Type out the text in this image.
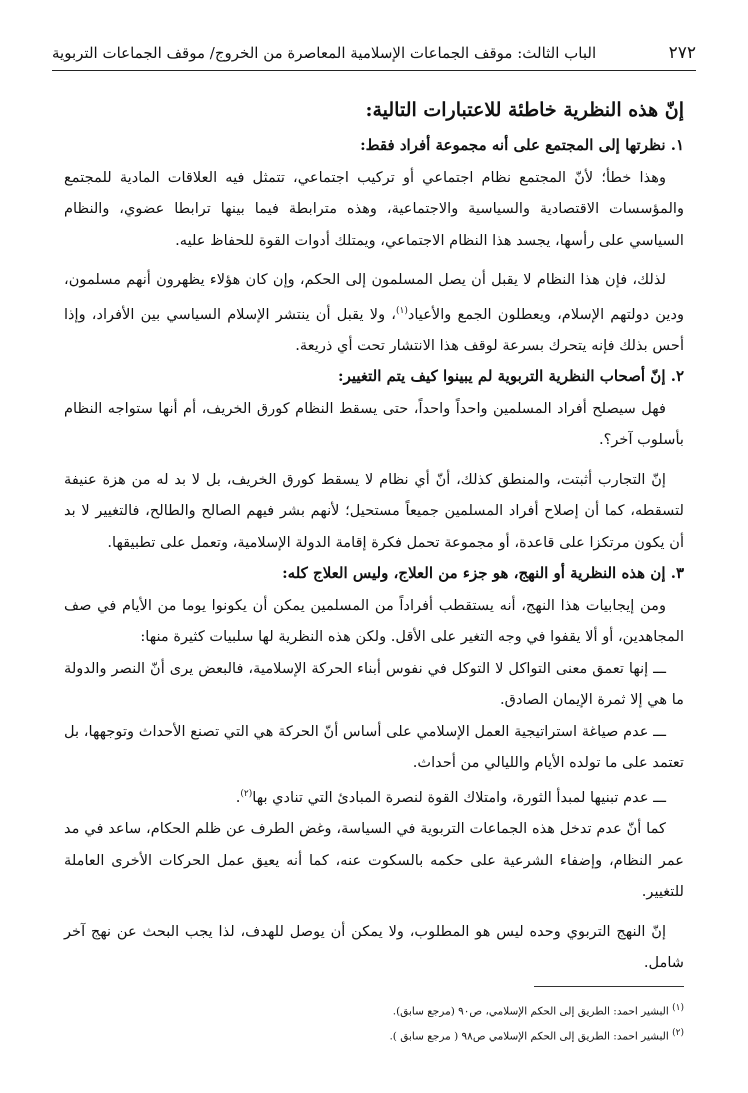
٢٧٢
الباب الثالث: موقف الجماعات الإسلامية المعاصرة من الخروج/ موقف الجماعات التربوية

إنّ هذه النظرية خاطئة للاعتبارات التالية:

١. نظرتها إلى المجتمع على أنه مجموعة أفراد فقط:

وهذا خطأ؛ لأنّ المجتمع نظام اجتماعي أو تركيب اجتماعي، تتمثل فيه العلاقات المادية للمجتمع والمؤسسات الاقتصادية والسياسية والاجتماعية، وهذه مترابطة فيما بينها ترابطا عضوي، والنظام السياسي على رأسها، يجسد هذا النظام الاجتماعي، ويمتلك أدوات القوة للحفاظ عليه.

لذلك، فإن هذا النظام لا يقبل أن يصل المسلمون إلى الحكم، وإن كان هؤلاء يظهرون أنهم مسلمون، ودين دولتهم الإسلام، ويعطلون الجمع والأعياد$^{(١)}$، ولا يقبل أن ينتشر الإسلام السياسي بين الأفراد، وإذا أحس بذلك فإنه يتحرك بسرعة لوقف هذا الانتشار تحت أي ذريعة.

٢. إنّ أصحاب النظرية التربوية لم يبينوا كيف يتم التغيير:

فهل سيصلح أفراد المسلمين واحداً واحداً، حتى يسقط النظام كورق الخريف، أم أنها ستواجه النظام بأسلوب آخر؟.

إنّ التجارب أثبتت، والمنطق كذلك، أنّ أي نظام لا يسقط كورق الخريف، بل لا بد له من هزة عنيفة لتسقطه، كما أن إصلاح أفراد المسلمين جميعاً مستحيل؛ لأنهم بشر فيهم الصالح والطالح، فالتغيير لا بد أن يكون مرتكزا على قاعدة، أو مجموعة تحمل فكرة إقامة الدولة الإسلامية، وتعمل على تطبيقها.

٣. إن هذه النظرية أو النهج، هو جزء من العلاج، وليس العلاج كله:

ومن إيجابيات هذا النهج، أنه يستقطب أفراداً من المسلمين يمكن أن يكونوا يوما من الأيام في صف المجاهدين، أو ألا يقفوا في وجه التغير على الأقل. ولكن هذه النظرية لها سلبيات كثيرة منها:

ـــ إنها تعمق معنى التواكل لا التوكل في نفوس أبناء الحركة الإسلامية، فالبعض يرى أنّ النصر والدولة ما هي إلا ثمرة الإيمان الصادق.

ـــ عدم صياغة استراتيجية العمل الإسلامي على أساس أنّ الحركة هي التي تصنع الأحداث وتوجهها، بل تعتمد على ما تولده الأيام والليالي من أحداث.

ـــ عدم تبنيها لمبدأ الثورة، وامتلاك القوة لنصرة المبادئ التي تنادي بها$^{(٢)}$.

كما أنّ عدم تدخل هذه الجماعات التربوية في السياسة، وغض الطرف عن ظلم الحكام، ساعد في مد عمر النظام، وإضفاء الشرعية على حكمه بالسكوت عنه، كما أنه يعيق عمل الحركات الأخرى العاملة للتغيير.

إنّ النهج التربوي وحده ليس هو المطلوب، ولا يمكن أن يوصل للهدف، لذا يجب البحث عن نهج آخر شامل.

$^{(١)}$ البشير احمد: الطريق إلى الحكم الإسلامي، ص٩٠ (مرجع سابق).

$^{(٢)}$ البشير احمد: الطريق إلى الحكم الإسلامي ص٩٨ ( مرجع سابق ).
